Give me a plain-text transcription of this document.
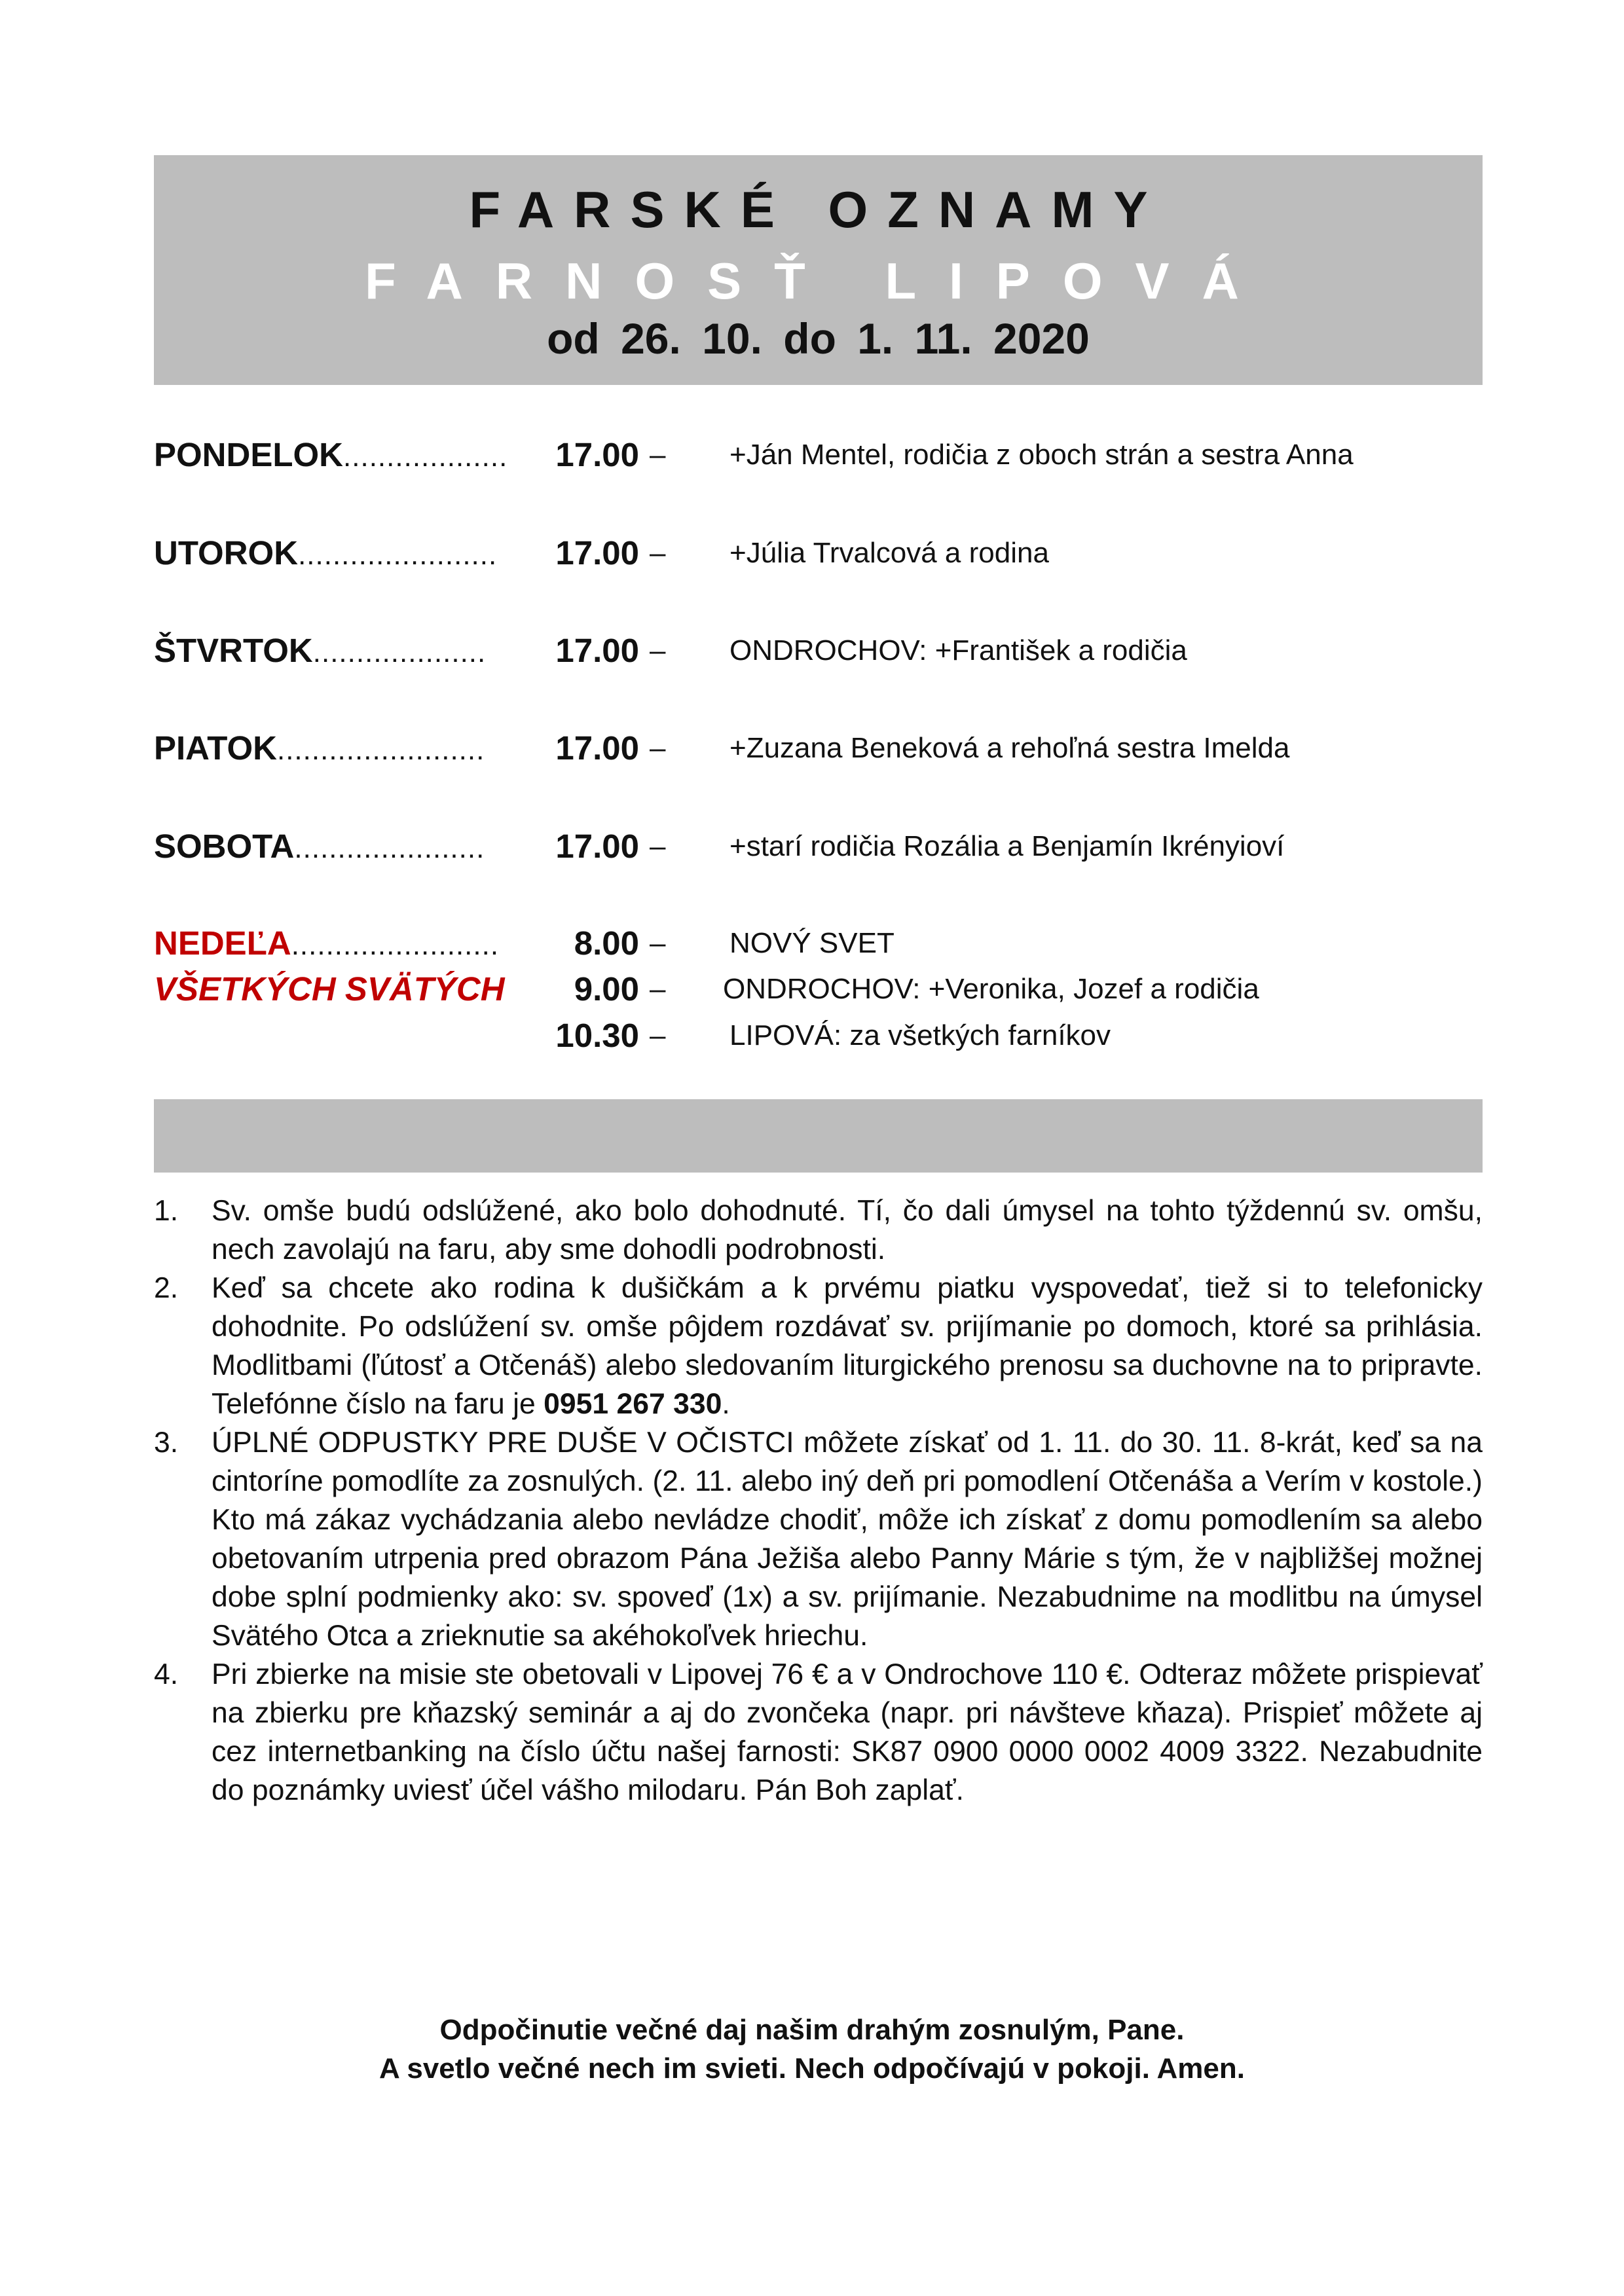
FARSKÉ OZNAMY
FARNOSŤ LIPOVÁ
od 26. 10. do 1. 11. 2020
PONDELOK...................	17.00 – +Ján Mentel, rodičia z oboch strán a sestra Anna
UTOROK.......................	17.00 – +Júlia Trvalcová a rodina
ŠTVRTOK....................	17.00 – ONDROCHOV: +František a rodičia
PIATOK........................	17.00 – +Zuzana Beneková a rehoľná sestra Imelda
SOBOTA......................	17.00 – +starí rodičia Rozália a Benjamín Ikrényioví
NEDEĽA........................	8.00 – NOVÝ SVET
VŠETKÝCH SVÄTÝCH	9.00 – ONDROCHOV: +Veronika, Jozef a rodičia
10.30 – LIPOVÁ: za všetkých farníkov
1. Sv. omše budú odslúžené, ako bolo dohodnuté. Tí, čo dali úmysel na tohto týždennú sv. omšu, nech zavolajú na faru, aby sme dohodli podrobnosti.
2. Keď sa chcete ako rodina k dušičkám a k prvému piatku vyspovedať, tiež si to telefonicky dohodnite. Po odslúžení sv. omše pôjdem rozdávať sv. prijímanie po domoch, ktoré sa prihlásia. Modlitbami (ľútosť a Otčenáš) alebo sledovaním liturgického prenosu sa duchovne na to pripravte. Telefónne číslo na faru je 0951 267 330.
3. ÚPLNÉ ODPUSTKY PRE DUŠE V OČISTCI môžete získať od 1. 11. do 30. 11. 8-krát, keď sa na cintoríne pomodlíte za zosnulých. (2. 11. alebo iný deň pri pomodlení Otčenáša a Verím v kostole.) Kto má zákaz vychádzania alebo nevládze chodiť, môže ich získať z domu pomodlením sa alebo obetovaním utrpenia pred obrazom Pána Ježiša alebo Panny Márie s tým, že v najbližšej možnej dobe splní podmienky ako: sv. spoveď (1x) a sv. prijímanie. Nezabudnime na modlitbu na úmysel Svätého Otca a zrieknutie sa akéhokoľvek hriechu.
4. Pri zbierke na misie ste obetovali v Lipovej 76 € a v Ondrochove 110 €. Odteraz môžete prispievať na zbierku pre kňazský seminár a aj do zvončeka (napr. pri návšteve kňaza). Prispieť môžete aj cez internetbanking na číslo účtu našej farnosti: SK87 0900 0000 0002 4009 3322. Nezabudnite do poznámky uviesť účel vášho milodaru. Pán Boh zaplať.
Odpočinutie večné daj našim drahým zosnulým, Pane.
A svetlo večné nech im svieti. Nech odpočívajú v pokoji. Amen.
